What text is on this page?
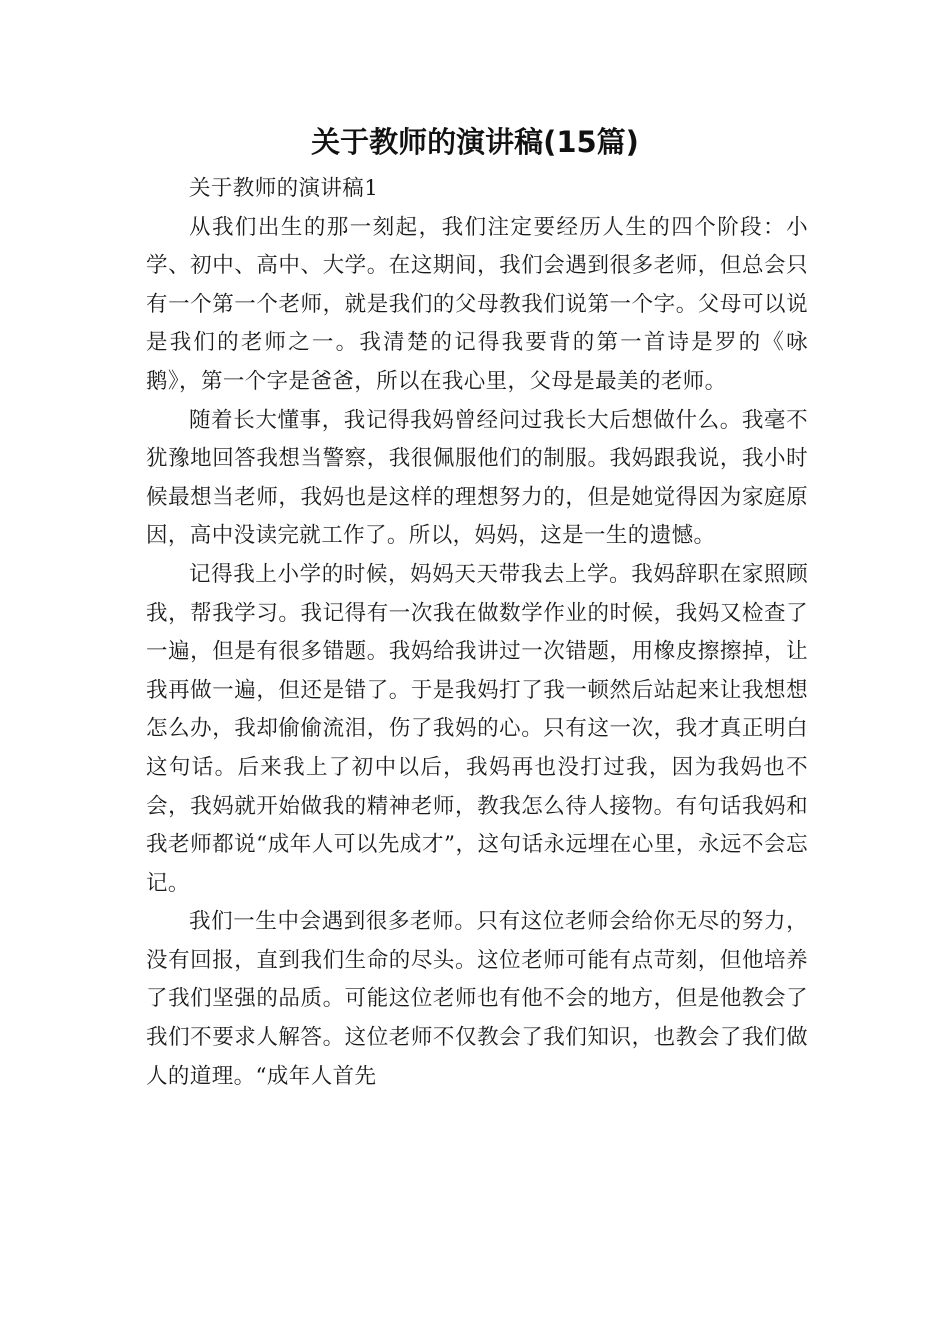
关于教师的演讲稿(15篇)

关于教师的演讲稿1

从我们出生的那一刻起，我们注定要经历人生的四个阶段：小学、初中、高中、大学。在这期间，我们会遇到很多老师，但总会只有一个第一个老师，就是我们的父母教我们说第一个字。父母可以说是我们的老师之一。我清楚的记得我要背的第一首诗是罗的《咏鹅》，第一个字是爸爸，所以在我心里，父母是最美的老师。

随着长大懂事，我记得我妈曾经问过我长大后想做什么。我毫不犹豫地回答我想当警察，我很佩服他们的制服。我妈跟我说，我小时候最想当老师，我妈也是这样的理想努力的，但是她觉得因为家庭原因，高中没读完就工作了。所以，妈妈，这是一生的遗憾。

记得我上小学的时候，妈妈天天带我去上学。我妈辞职在家照顾我，帮我学习。我记得有一次我在做数学作业的时候，我妈又检查了一遍，但是有很多错题。我妈给我讲过一次错题，用橡皮擦擦掉，让我再做一遍，但还是错了。于是我妈打了我一顿然后站起来让我想想怎么办，我却偷偷流泪，伤了我妈的心。只有这一次，我才真正明白这句话。后来我上了初中以后，我妈再也没打过我，因为我妈也不会，我妈就开始做我的精神老师，教我怎么待人接物。有句话我妈和我老师都说“成年人可以先成才”，这句话永远埋在心里，永远不会忘记。

我们一生中会遇到很多老师。只有这位老师会给你无尽的努力，没有回报，直到我们生命的尽头。这位老师可能有点苛刻，但他培养了我们坚强的品质。可能这位老师也有他不会的地方，但是他教会了我们不要求人解答。这位老师不仅教会了我们知识，也教会了我们做人的道理。“成年人首先
